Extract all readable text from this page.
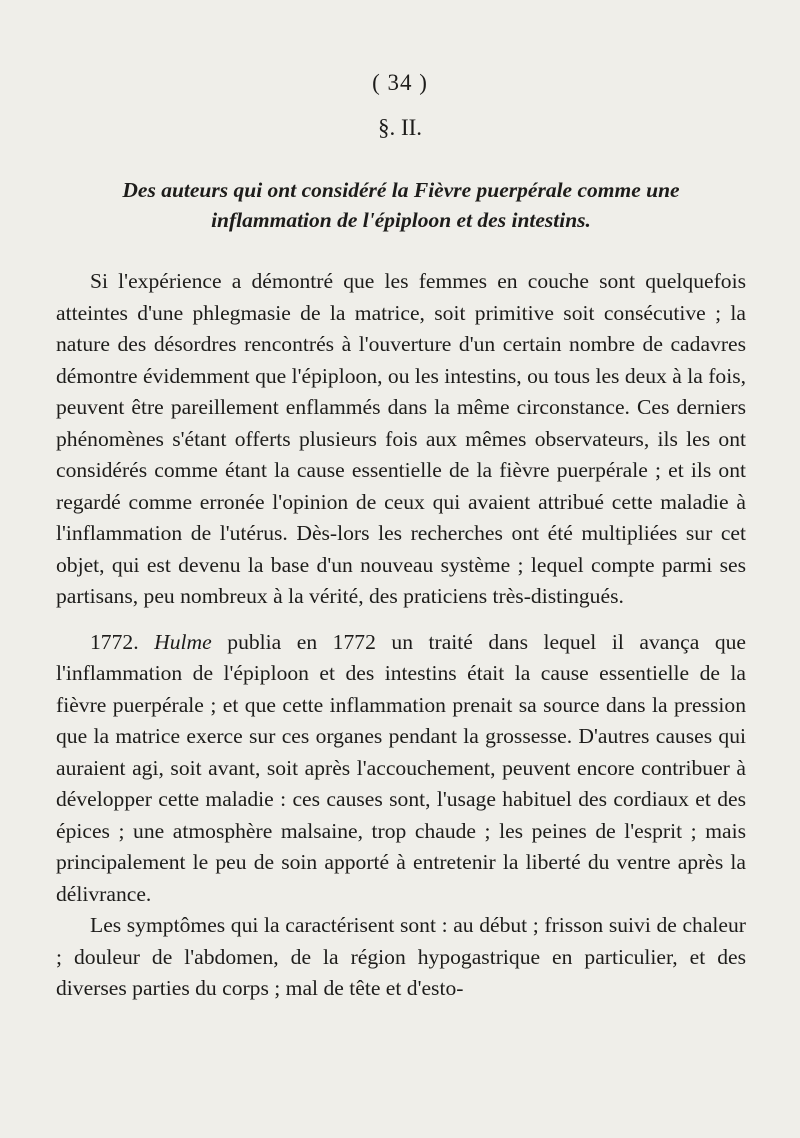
( 34 )
§. II.
Des auteurs qui ont considéré la Fièvre puerpérale comme une
inflammation de l'épiploon et des intestins.

Si l'expérience a démontré que les femmes en couche sont quelquefois atteintes d'une phlegmasie de la matrice, soit primitive soit consécutive ; la nature des désordres rencontrés à l'ouverture d'un certain nombre de cadavres démontre évidemment que l'épiploon, ou les intestins, ou tous les deux à la fois, peuvent être pareillement enflammés dans la même circonstance. Ces derniers phénomènes s'étant offerts plusieurs fois aux mêmes observateurs, ils les ont considérés comme étant la cause essentielle de la fièvre puerpérale ; et ils ont regardé comme erronée l'opinion de ceux qui avaient attribué cette maladie à l'inflammation de l'utérus. Dès-lors les recherches ont été multipliées sur cet objet, qui est devenu la base d'un nouveau système ; lequel compte parmi ses partisans, peu nombreux à la vérité, des praticiens très-distingués.

1772. Hulme publia en 1772 un traité dans lequel il avança que l'inflammation de l'épiploon et des intestins était la cause essentielle de la fièvre puerpérale ; et que cette inflammation prenait sa source dans la pression que la matrice exerce sur ces organes pendant la grossesse. D'autres causes qui auraient agi, soit avant, soit après l'accouchement, peuvent encore contribuer à développer cette maladie : ces causes sont, l'usage habituel des cordiaux et des épices ; une atmosphère malsaine, trop chaude ; les peines de l'esprit ; mais principalement le peu de soin apporté à entretenir la liberté du ventre après la délivrance.

Les symptômes qui la caractérisent sont : au début ; frisson suivi de chaleur ; douleur de l'abdomen, de la région hypogastrique en particulier, et des diverses parties du corps ; mal de tête et d'esto-
